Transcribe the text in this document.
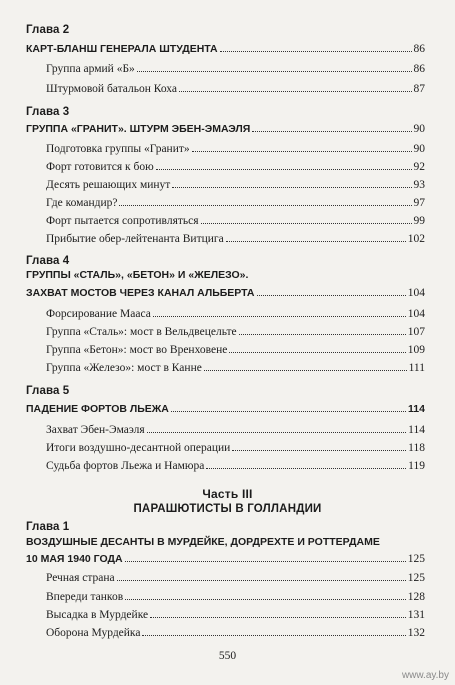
Глава 2
КАРТ-БЛАНШ ГЕНЕРАЛА ШТУДЕНТА	86
Группа армий «Б»	86
Штурмовой батальон Коха	87
Глава 3
ГРУППА «ГРАНИТ». ШТУРМ ЭБЕН-ЭМАЭЛЯ	90
Подготовка группы «Гранит»	90
Форт готовится к бою	92
Десять решающих минут	93
Где командир?	97
Форт пытается сопротивляться	99
Прибытие обер-лейтенанта Витцига	102
Глава 4
ГРУППЫ «СТАЛЬ», «БЕТОН» И «ЖЕЛЕЗО».
ЗАХВАТ МОСТОВ ЧЕРЕЗ КАНАЛ АЛЬБЕРТА	104
Форсирование Мааса	104
Группа «Сталь»: мост в Вельдвецельте	107
Группа «Бетон»: мост во Вренховене	109
Группа «Железо»: мост в Канне	111
Глава 5
ПАДЕНИЕ ФОРТОВ ЛЬЕЖА	114
Захват Эбен-Эмаэля	114
Итоги воздушно-десантной операции	118
Судьба фортов Льежа и Намюра	119
Часть III
ПАРАШЮТИСТЫ В ГОЛЛАНДИИ
Глава 1
ВОЗДУШНЫЕ ДЕСАНТЫ В МУРДЕЙКЕ, ДОРДРЕХТЕ И РОТТЕРДАМЕ
10 МАЯ 1940 ГОДА	125
Речная страна	125
Впереди танков	128
Высадка в Мурдейке	131
Оборона Мурдейка	132
550
www.ay.by
